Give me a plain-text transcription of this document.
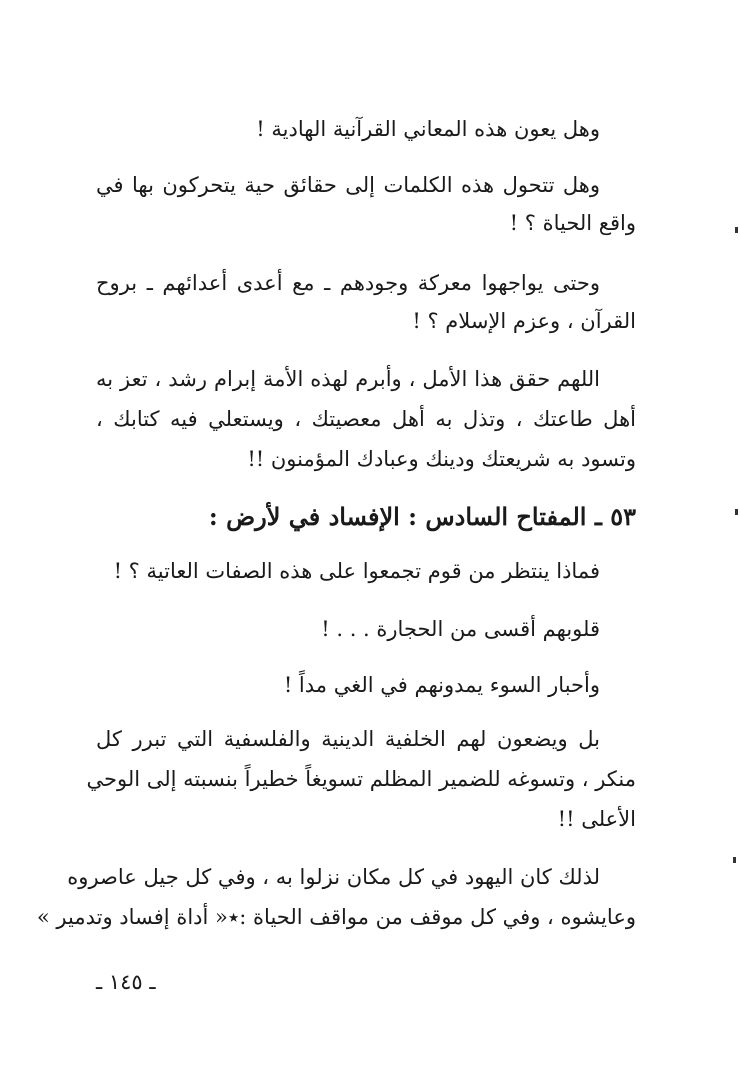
وهل يعون هذه المعاني القرآنية الهادية !
وهل تتحول هذه الكلمات إلى حقائق حية يتحركون بها في
واقع الحياة ؟ !
وحتى يواجهوا معركة وجودهم ـ مع أعدى أعدائهم ـ بروح
القرآن ، وعزم الإسلام ؟ !
اللهم حقق هذا الأمل ، وأبرم لهذه الأمة إبرام رشد ، تعز به
أهل طاعتك ، وتذل به أهل معصيتك ، ويستعلي فيه كتابك ،
وتسود به شريعتك ودينك وعبادك المؤمنون !!
٥٣ ـ المفتاح السادس : الإفساد في لأرض :
فماذا ينتظر من قوم تجمعوا على هذه الصفات العاتية ؟ !
قلوبهم أقسى من الحجارة . . . !
وأحبار السوء يمدونهم في الغي مداً !
بل ويضعون لهم الخلفية الدينية والفلسفية التي تبرر كل
منكر ، وتسوغه للضمير المظلم تسويغاً خطيراً بنسبته إلى الوحي
الأعلى !!
لذلك كان اليهود في كل مكان نزلوا به ، وفي كل جيل عاصروه
وعايشوه ، وفي كل موقف من مواقف الحياة :٭« أداة إفساد وتدمير »
ـ ١٤٥ ـ
